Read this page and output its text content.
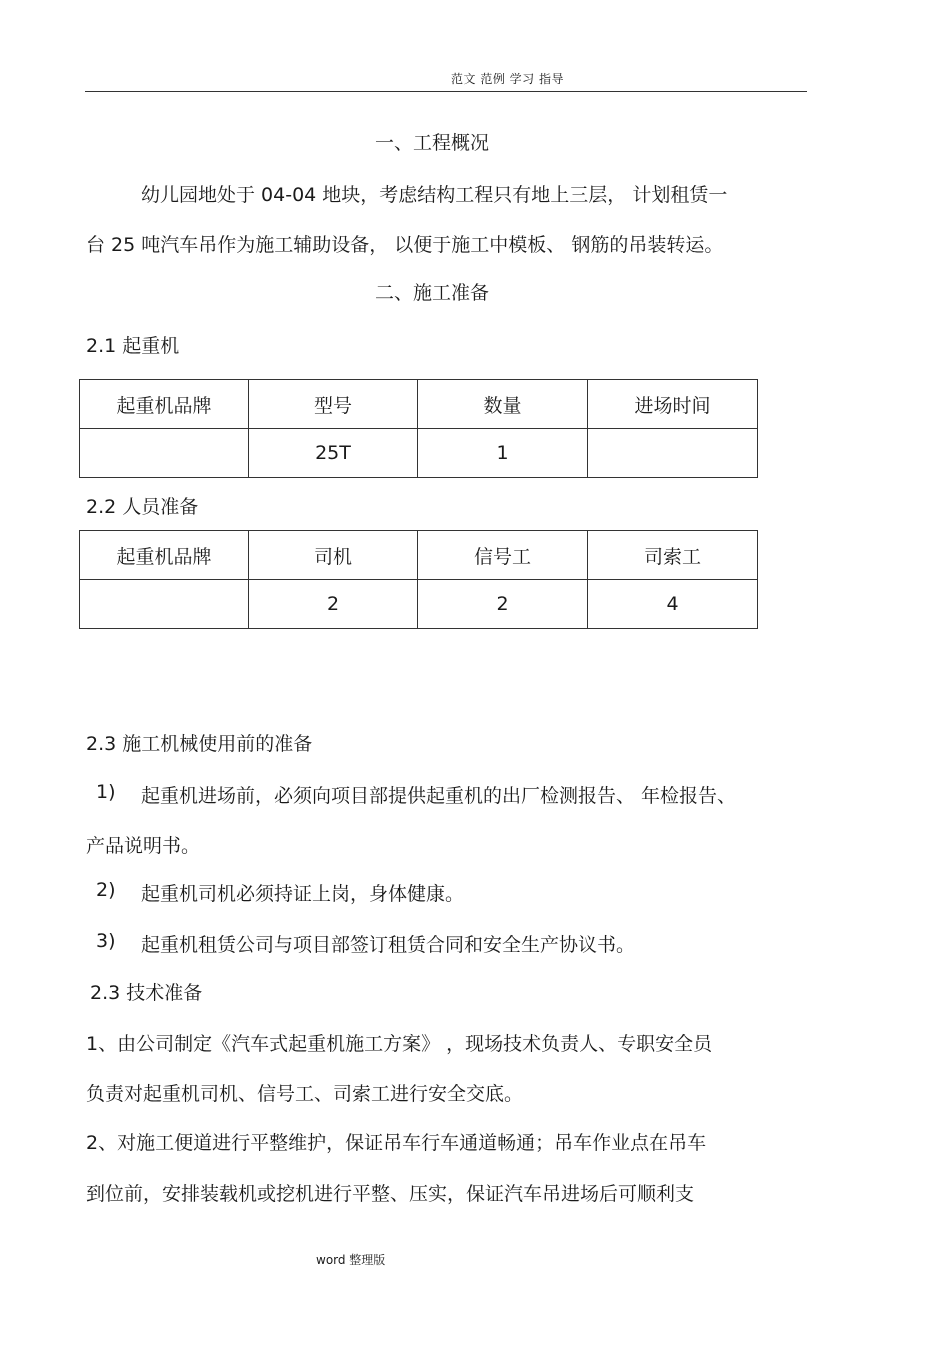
范文 范例 学习 指导
一、工程概况
幼儿园地处于 04-04 地块，考虑结构工程只有地上三层， 计划租赁一
台 25 吨汽车吊作为施工辅助设备， 以便于施工中模板、 钢筋的吊装转运。
二、施工准备
2.1 起重机
起重机品牌	型号	数量	进场时间
	25T	1	
2.2 人员准备
起重机品牌	司机	信号工	司索工
	2	2	4
2.3 施工机械使用前的准备
1) 起重机进场前，必须向项目部提供起重机的出厂检测报告、 年检报告、
产品说明书。
2) 起重机司机必须持证上岗，身体健康。
3) 起重机租赁公司与项目部签订租赁合同和安全生产协议书。
2.3 技术准备
1、由公司制定《汽车式起重机施工方案》 ，现场技术负责人、专职安全员
负责对起重机司机、信号工、司索工进行安全交底。
2、对施工便道进行平整维护，保证吊车行车通道畅通；吊车作业点在吊车
到位前，安排装载机或挖机进行平整、压实，保证汽车吊进场后可顺利支
word 整理版
